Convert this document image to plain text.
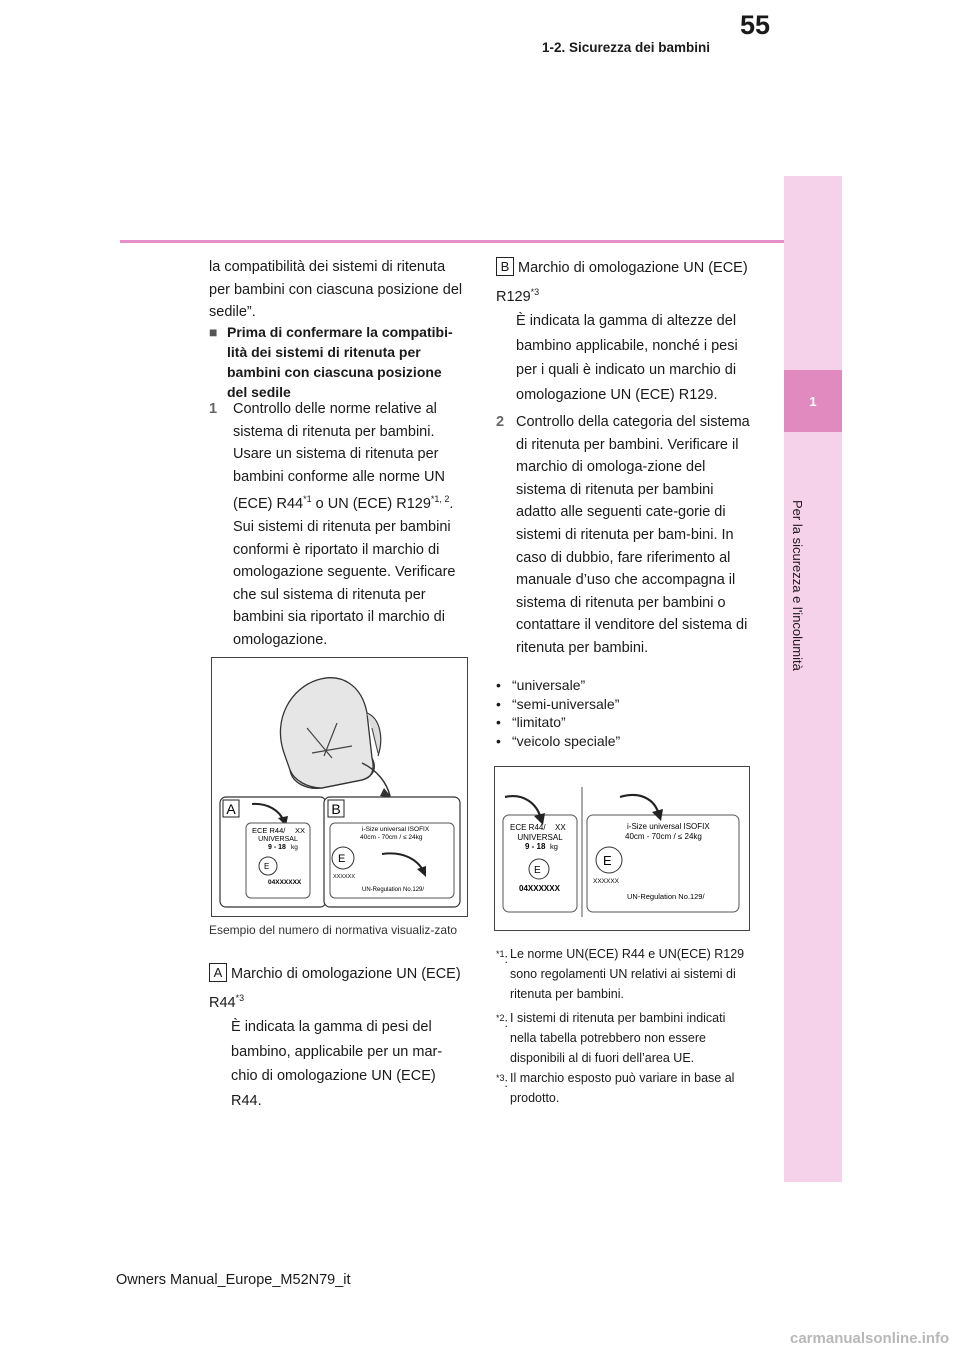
55
1-2. Sicurezza dei bambini
1
Per la sicurezza e l'incolumità
la compatibilità dei sistemi di ritenuta per bambini con ciascuna posizione del sedile”.
■ Prima di confermare la compatibi-lità dei sistemi di ritenuta per bambini con ciascuna posizione del sedile
1	Controllo delle norme relative al sistema di ritenuta per bambini. Usare un sistema di ritenuta per bambini conforme alle norme UN (ECE) R44$^{*1}$ o UN (ECE) R129$^{*1, 2}$. Sui sistemi di ritenuta per bambini conformi è riportato il marchio di omologazione seguente. Verificare che sul sistema di ritenuta per bambini sia riportato il marchio di omologazione.
A	B
ECE R44/ XX
UNIVERSAL
9 - 18 kg
E
04XXXXXX
i-Size universal ISOFIX
40cm - 70cm / ≤ 24kg
E
XXXXXX
UN-Regulation No.129/
Esempio del numero di normativa visualiz-zato
A Marchio di omologazione UN (ECE) R44$^{*3}$
È indicata la gamma di pesi del bambino, applicabile per un mar-chio di omologazione UN (ECE) R44.
B Marchio di omologazione UN (ECE) R129$^{*3}$
È indicata la gamma di altezze del bambino applicabile, nonché i pesi per i quali è indicato un marchio di omologazione UN (ECE) R129.
2 Controllo della categoria del sistema di ritenuta per bambini. Verificare il marchio di omologa-zione del sistema di ritenuta per bambini adatto alle seguenti cate-gorie di sistemi di ritenuta per bam-bini. In caso di dubbio, fare riferimento al manuale d’uso che accompagna il sistema di ritenuta per bambini o contattare il venditore del sistema di ritenuta per bambini.
• “universale”
• “semi-universale”
• “limitato”
• “veicolo speciale”
ECE R44/ XX
UNIVERSAL
9 - 18 kg
E
04XXXXXX
i-Size universal ISOFIX
40cm - 70cm / ≤ 24kg
E
XXXXXX
UN-Regulation No.129/
$^{*1}$: Le norme UN(ECE) R44 e UN(ECE) R129 sono regolamenti UN relativi ai sistemi di ritenuta per bambini.
$^{*2}$: I sistemi di ritenuta per bambini indicati nella tabella potrebbero non essere disponibili al di fuori dell’area UE.
$^{*3}$: Il marchio esposto può variare in base al prodotto.
Owners Manual_Europe_M52N79_it
carmanualsonline.info
